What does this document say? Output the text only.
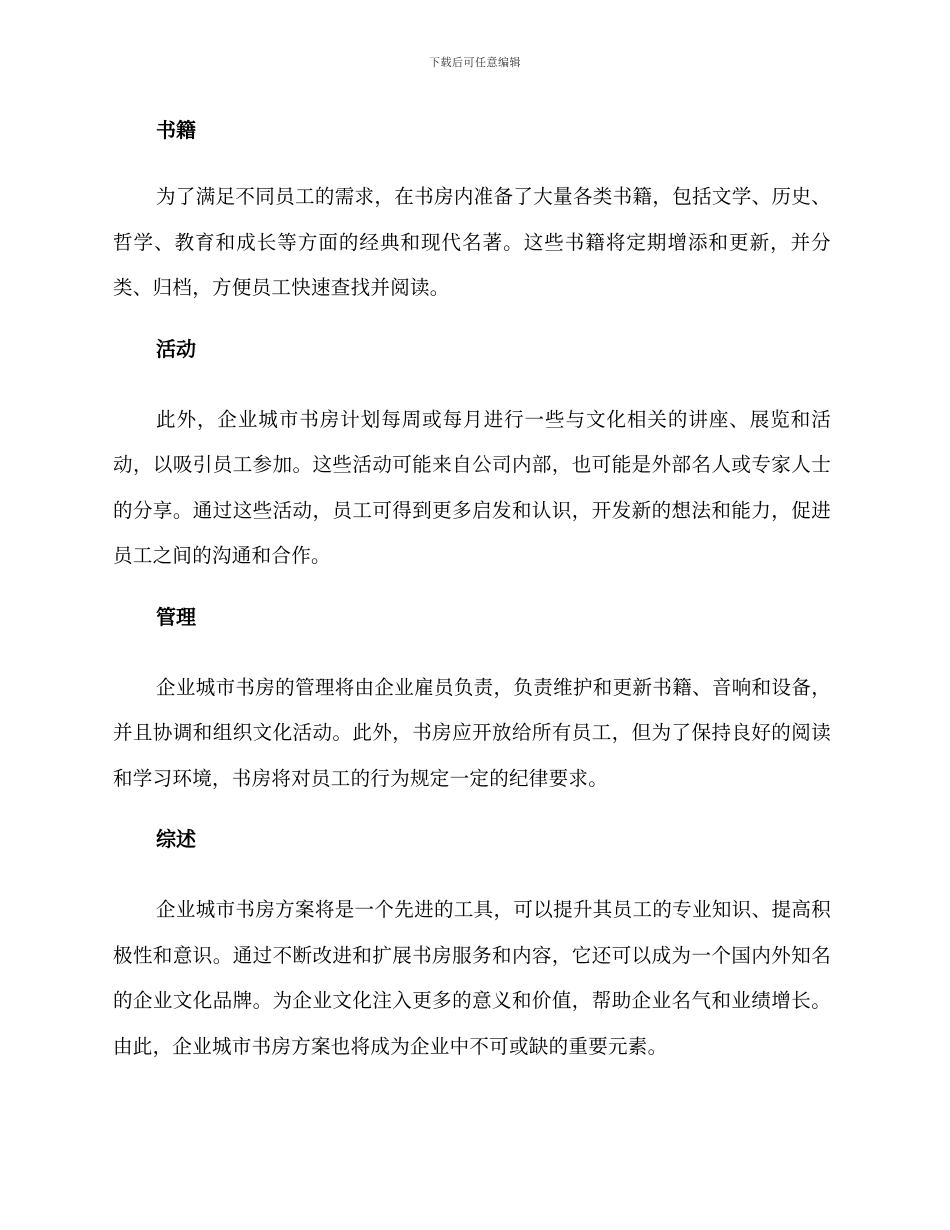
下载后可任意编辑
书籍

为了满足不同员工的需求，在书房内准备了大量各类书籍，包括文学、历史、哲学、教育和成长等方面的经典和现代名著。这些书籍将定期增添和更新，并分类、归档，方便员工快速查找并阅读。

活动

此外，企业城市书房计划每周或每月进行一些与文化相关的讲座、展览和活动，以吸引员工参加。这些活动可能来自公司内部，也可能是外部名人或专家人士的分享。通过这些活动，员工可得到更多启发和认识，开发新的想法和能力，促进员工之间的沟通和合作。

管理

企业城市书房的管理将由企业雇员负责，负责维护和更新书籍、音响和设备，并且协调和组织文化活动。此外，书房应开放给所有员工，但为了保持良好的阅读和学习环境，书房将对员工的行为规定一定的纪律要求。

综述

企业城市书房方案将是一个先进的工具，可以提升其员工的专业知识、提高积极性和意识。通过不断改进和扩展书房服务和内容，它还可以成为一个国内外知名的企业文化品牌。为企业文化注入更多的意义和价值，帮助企业名气和业绩增长。由此，企业城市书房方案也将成为企业中不可或缺的重要元素。
